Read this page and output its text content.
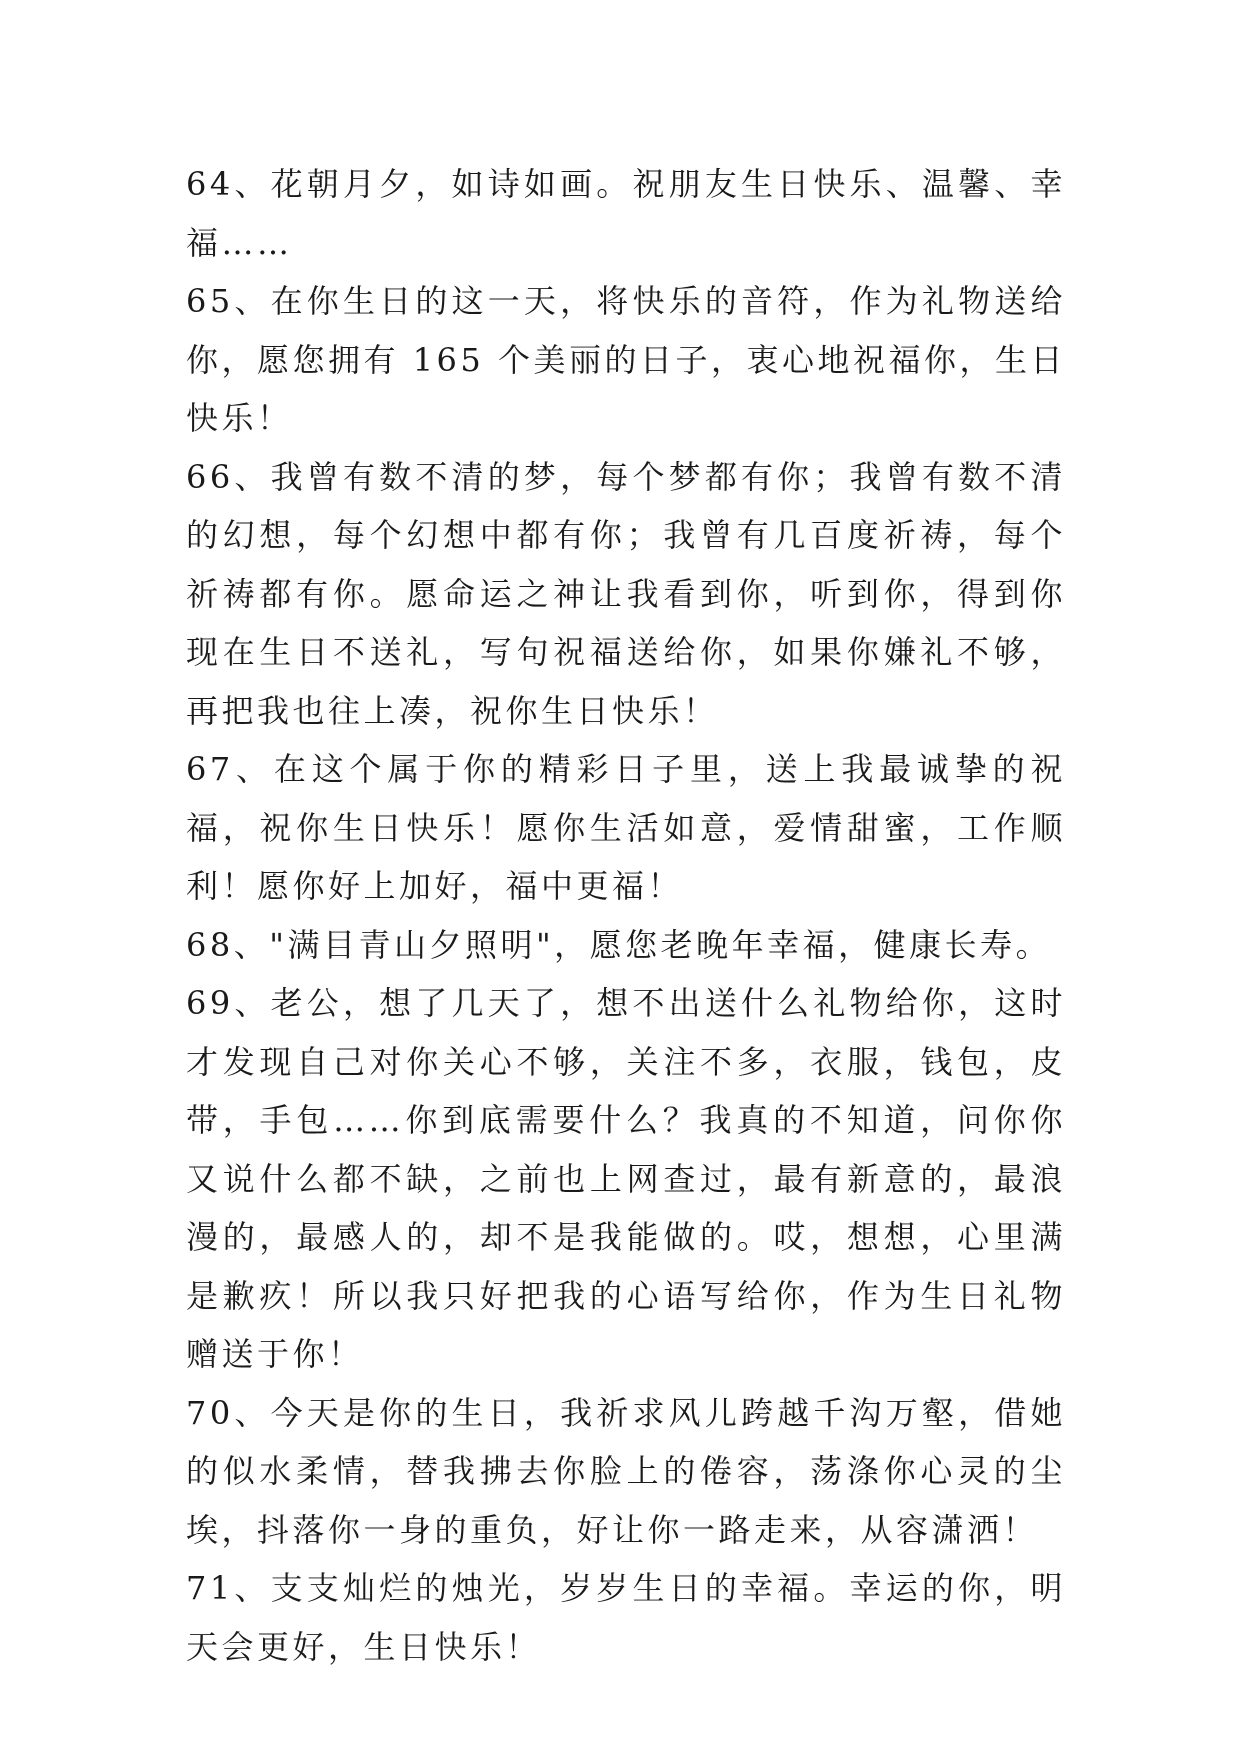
64、花朝月夕，如诗如画。祝朋友生日快乐、温馨、幸福……

65、在你生日的这一天，将快乐的音符，作为礼物送给你，愿您拥有 165 个美丽的日子，衷心地祝福你，生日快乐！

66、我曾有数不清的梦，每个梦都有你；我曾有数不清的幻想，每个幻想中都有你；我曾有几百度祈祷，每个祈祷都有你。愿命运之神让我看到你，听到你，得到你 现在生日不送礼，写句祝福送给你，如果你嫌礼不够，再把我也往上凑，祝你生日快乐！

67、在这个属于你的精彩日子里，送上我最诚挚的祝福，祝你生日快乐！愿你生活如意，爱情甜蜜，工作顺利！愿你好上加好，福中更福！

68、"满目青山夕照明"，愿您老晚年幸福，健康长寿。

69、老公，想了几天了，想不出送什么礼物给你，这时才发现自己对你关心不够，关注不多，衣服，钱包，皮带，手包……你到底需要什么？我真的不知道，问你你又说什么都不缺，之前也上网查过，最有新意的，最浪漫的，最感人的，却不是我能做的。哎，想想，心里满是歉疚！所以我只好把我的心语写给你，作为生日礼物赠送于你！

70、今天是你的生日，我祈求风儿跨越千沟万壑，借她的似水柔情，替我拂去你脸上的倦容，荡涤你心灵的尘埃，抖落你一身的重负，好让你一路走来，从容潇洒！

71、支支灿烂的烛光，岁岁生日的幸福。幸运的你，明天会更好，生日快乐！
